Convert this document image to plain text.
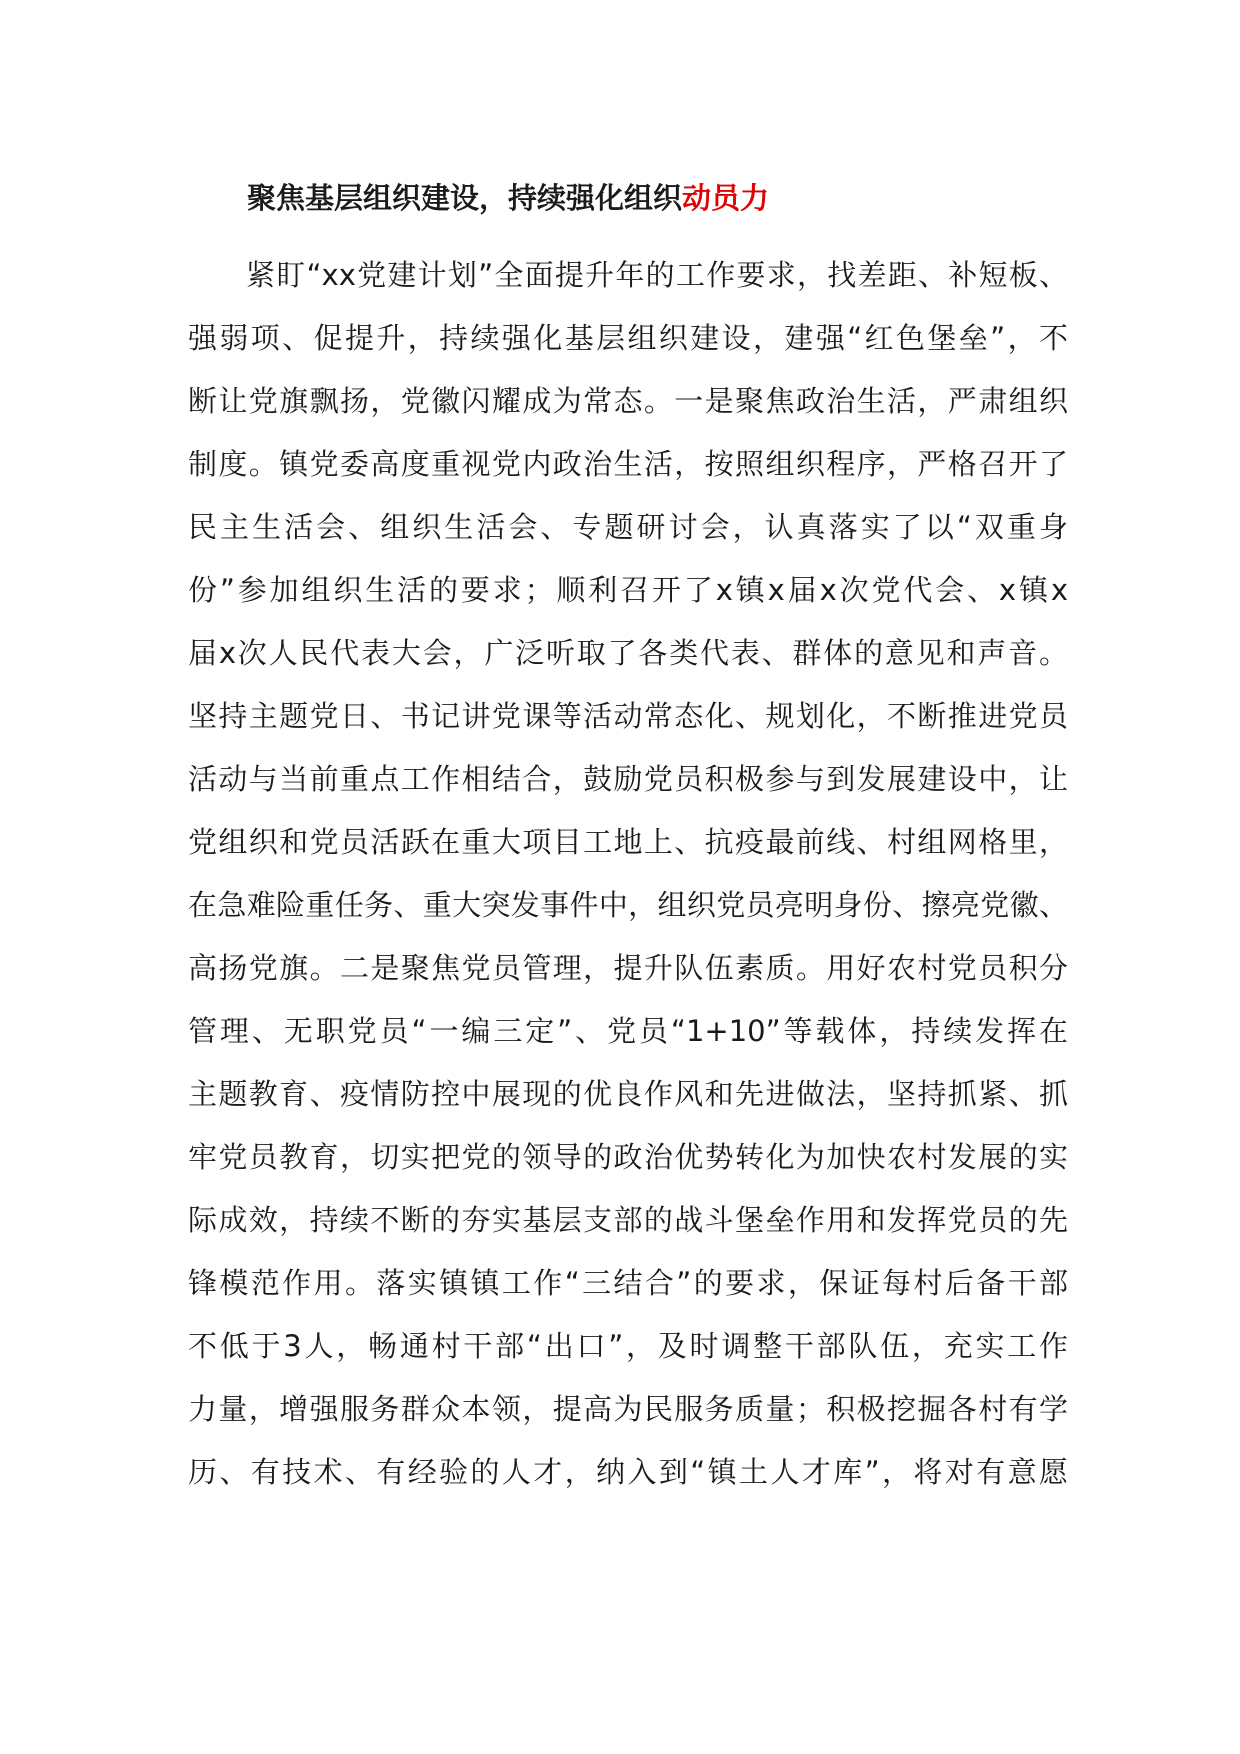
聚焦基层组织建设，持续强化组织动员力
紧盯“xx党建计划”全面提升年的工作要求，找差距、补短板、
强弱项、促提升，持续强化基层组织建设，建强“红色堡垒”，不
断让党旗飘扬，党徽闪耀成为常态。一是聚焦政治生活，严肃组织
制度。镇党委高度重视党内政治生活，按照组织程序，严格召开了
民主生活会、组织生活会、专题研讨会，认真落实了以“双重身
份”参加组织生活的要求；顺利召开了x镇x届x次党代会、x镇x
届x次人民代表大会，广泛听取了各类代表、群体的意见和声音。
坚持主题党日、书记讲党课等活动常态化、规划化，不断推进党员
活动与当前重点工作相结合，鼓励党员积极参与到发展建设中，让
党组织和党员活跃在重大项目工地上、抗疫最前线、村组网格里，
在急难险重任务、重大突发事件中，组织党员亮明身份、擦亮党徽、
高扬党旗。二是聚焦党员管理，提升队伍素质。用好农村党员积分
管理、无职党员“一编三定”、党员“1+10”等载体，持续发挥在
主题教育、疫情防控中展现的优良作风和先进做法，坚持抓紧、抓
牢党员教育，切实把党的领导的政治优势转化为加快农村发展的实
际成效，持续不断的夯实基层支部的战斗堡垒作用和发挥党员的先
锋模范作用。落实镇镇工作“三结合”的要求，保证每村后备干部
不低于3人，畅通村干部“出口”，及时调整干部队伍，充实工作
力量，增强服务群众本领，提高为民服务质量；积极挖掘各村有学
历、有技术、有经验的人才，纳入到“镇土人才库”，将对有意愿
